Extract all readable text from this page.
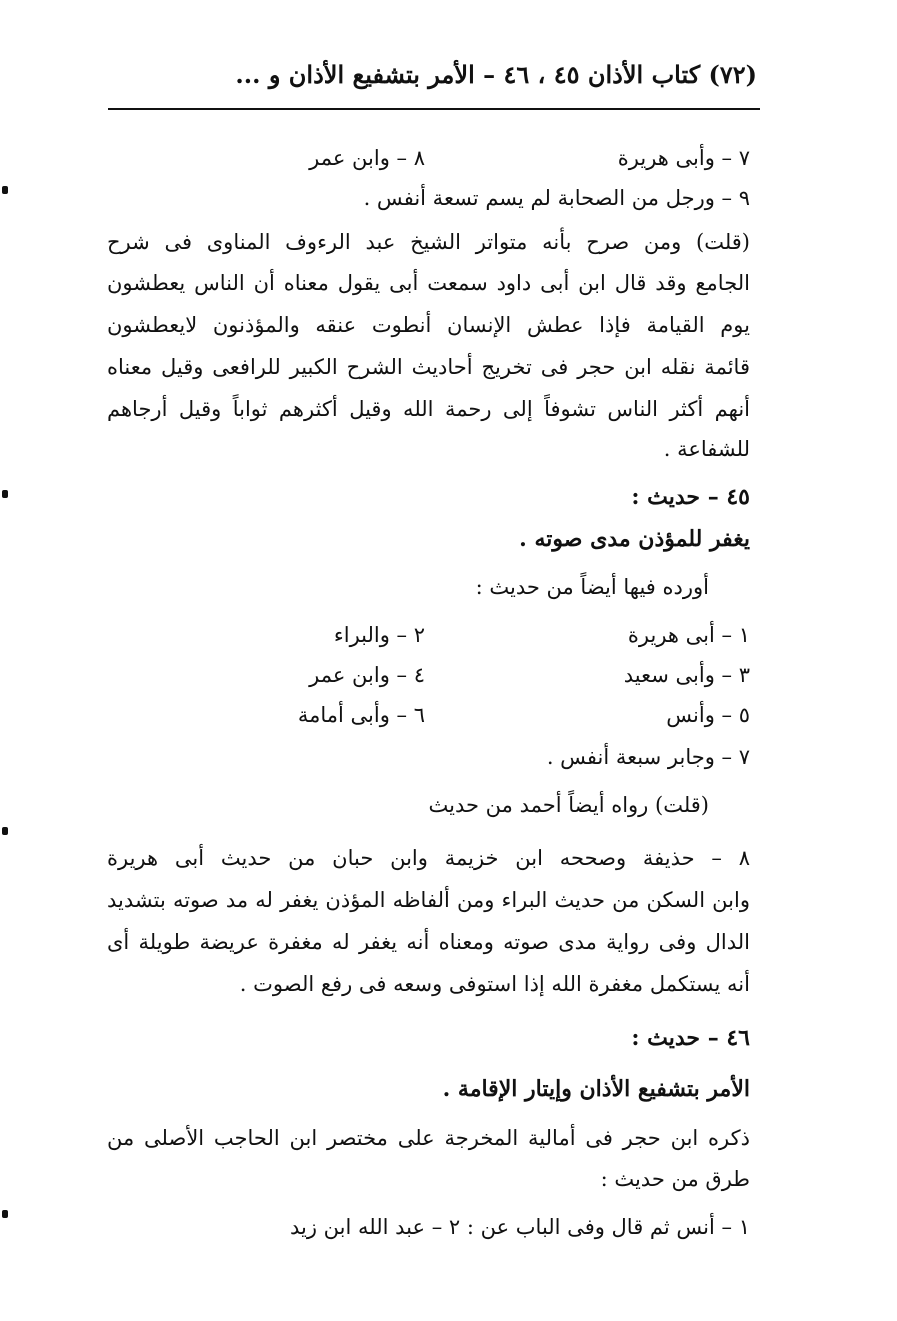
(٧٢) كتاب الأذان ٤٥ ، ٤٦ – الأمر بتشفيع الأذان و ...
٧ – وأبى هريرة
٨ – وابن عمر
٩ – ورجل من الصحابة لم يسم تسعة أنفس .
(قلت) ومن صرح بأنه متواتر الشيخ عبد الرءوف المناوى فى شرح
الجامع وقد قال ابن أبى داود سمعت أبى يقول معناه أن الناس يعطشون
يوم القيامة فإذا عطش الإنسان أنطوت عنقه والمؤذنون لايعطشون
قائمة نقله ابن حجر فى تخريج أحاديث الشرح الكبير للرافعى وقيل معناه
أنهم أكثر الناس تشوفاً إلى رحمة الله وقيل أكثرهم ثواباً وقيل أرجاهم
للشفاعة .
٤٥ – حديث :
يغفر للمؤذن مدى صوته .
أورده فيها أيضاً من حديث :
١ – أبى هريرة
٢ – والبراء
٣ – وأبى سعيد
٤ – وابن عمر
٥ – وأنس
٦ – وأبى أمامة
٧ – وجابر سبعة أنفس .
(قلت) رواه أيضاً أحمد من حديث
٨ – حذيفة وصححه ابن خزيمة وابن حبان من حديث أبى هريرة
وابن السكن من حديث البراء ومن ألفاظه المؤذن يغفر له مد صوته بتشديد
الدال وفى رواية مدى صوته ومعناه أنه يغفر له مغفرة عريضة طويلة أى
أنه يستكمل مغفرة الله إذا استوفى وسعه فى رفع الصوت .
٤٦ – حديث :
الأمر بتشفيع الأذان وإيتار الإقامة .
ذكره ابن حجر فى أمالية المخرجة على مختصر ابن الحاجب الأصلى من
طرق من حديث :
١ – أنس ثم قال وفى الباب عن : ٢ – عبد الله ابن زيد
